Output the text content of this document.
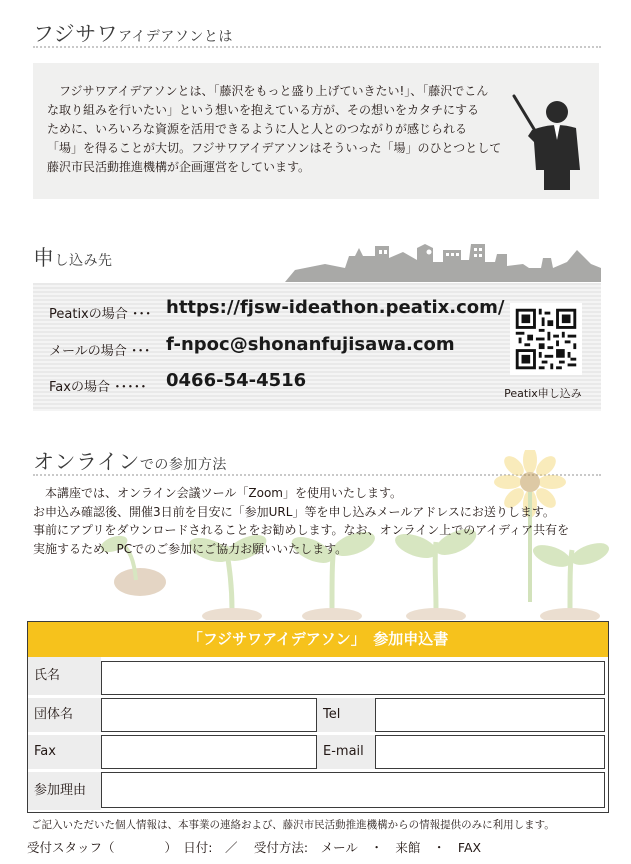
フジサワアイデアソンとは
　フジサワアイデアソンとは、「藤沢をもっと盛り上げていきたい!」、「藤沢でこん
な取り組みを行いたい」という想いを抱えている方が、その想いをカタチにする
ために、いろいろな資源を活用できるように人と人とのつながりが感じられる
「場」を得ることが大切。フジサワアイデアソンはそういった「場」のひとつとして
藤沢市民活動推進機構が企画運営をしています。
申し込み先
Peatixの場合 ･･･ https://fjsw-ideathon.peatix.com/
メールの場合 ･･･ f-npoc@shonanfujisawa.com
Faxの場合 ･････ 0466-54-4516
Peatix申し込み
オンラインでの参加方法
　本講座では、オンライン会議ツール「Zoom」を使用いたします。
お申込み確認後、開催3日前を目安に「参加URL」等を申し込みメールアドレスにお送りします。
事前にアプリをダウンロードされることをお勧めします。なお、オンライン上でのアイディア共有を
実施するため、PCでのご参加にご協力お願いいたします。
「フジサワアイデアソン」　参加申込書
氏名
団体名	Tel
Fax	E-mail
参加理由
ご記入いただいた個人情報は、本事業の連絡および、藤沢市民活動推進機構からの情報提供のみに利用します。
受付スタッフ（　　　　）　日付:　／　 受付方法:　メール　・　来館　・　FAX
